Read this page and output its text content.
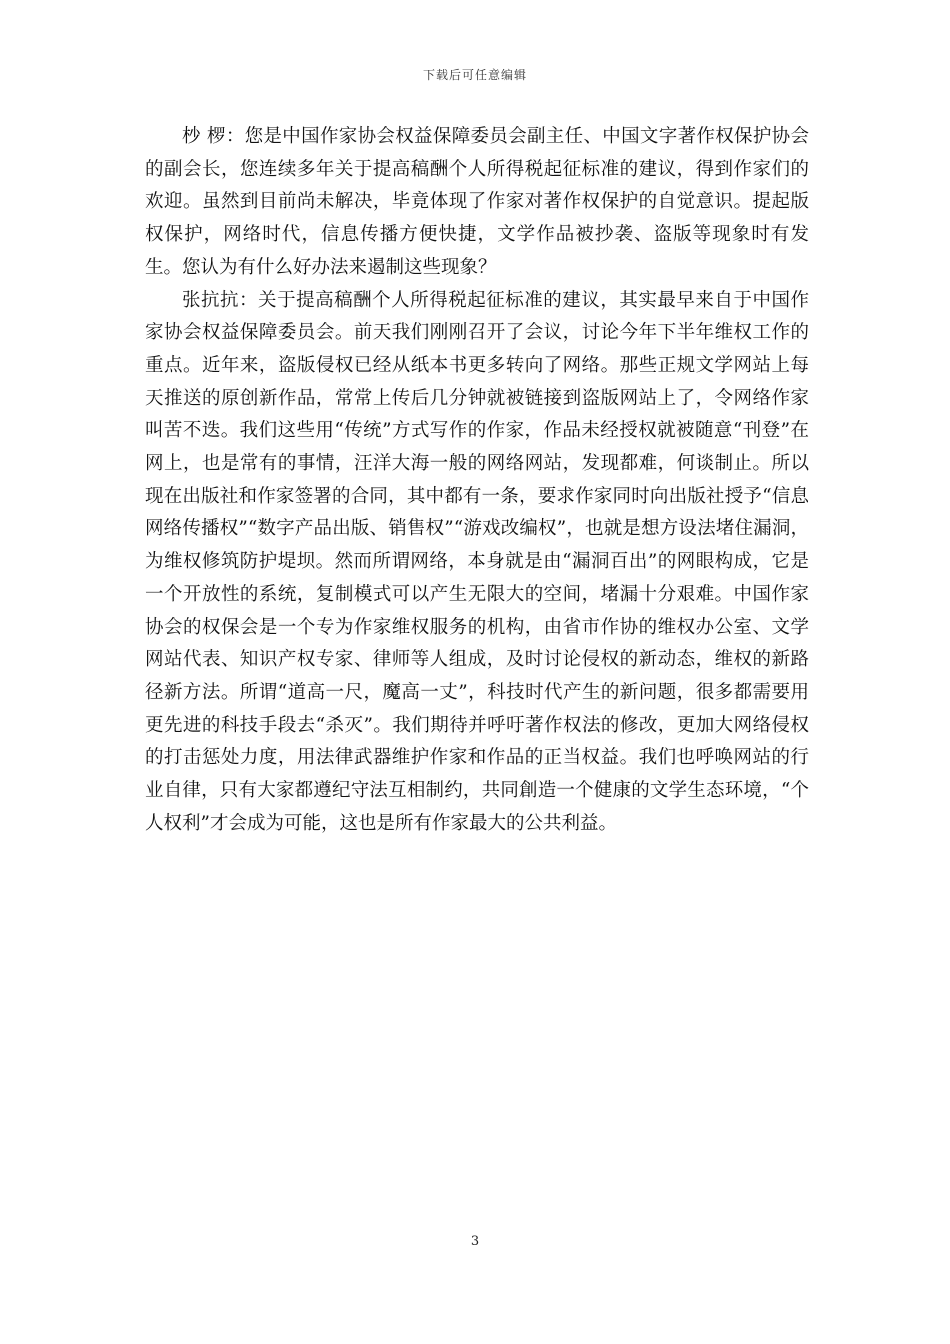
下载后可任意编辑

杪 椤：您是中国作家协会权益保障委员会副主任、中国文字著作权保护协会的副会长，您连续多年关于提高稿酬个人所得税起征标准的建议，得到作家们的欢迎。虽然到目前尚未解决，毕竟体现了作家对著作权保护的自觉意识。提起版权保护，网络时代，信息传播方便快捷，文学作品被抄袭、盗版等现象时有发生。您认为有什么好办法来遏制这些现象？

张抗抗：关于提高稿酬个人所得税起征标准的建议，其实最早来自于中国作家协会权益保障委员会。前天我们刚刚召开了会议，讨论今年下半年维权工作的重点。近年来，盗版侵权已经从纸本书更多转向了网络。那些正规文学网站上每天推送的原创新作品，常常上传后几分钟就被链接到盗版网站上了，令网络作家叫苦不迭。我们这些用“传统”方式写作的作家，作品未经授权就被随意“刊登”在网上，也是常有的事情，汪洋大海一般的网络网站，发现都难，何谈制止。所以现在出版社和作家签署的合同，其中都有一条，要求作家同时向出版社授予“信息网络传播权”“数字产品出版、销售权”“游戏改编权”，也就是想方设法堵住漏洞，为维权修筑防护堤坝。然而所谓网络，本身就是由“漏洞百出”的网眼构成，它是一个开放性的系统，复制模式可以产生无限大的空间，堵漏十分艰难。中国作家协会的权保会是一个专为作家维权服务的机构，由省市作协的维权办公室、文学网站代表、知识产权专家、律师等人组成，及时讨论侵权的新动态，维权的新路径新方法。所谓“道高一尺，魔高一丈”，科技时代产生的新问题，很多都需要用更先进的科技手段去“杀灭”。我们期待并呼吁著作权法的修改，更加大网络侵权的打击惩处力度，用法律武器维护作家和作品的正当权益。我们也呼唤网站的行业自律，只有大家都遵纪守法互相制约，共同創造一个健康的文学生态环境，“个人权利”才会成为可能，这也是所有作家最大的公共利益。

3
